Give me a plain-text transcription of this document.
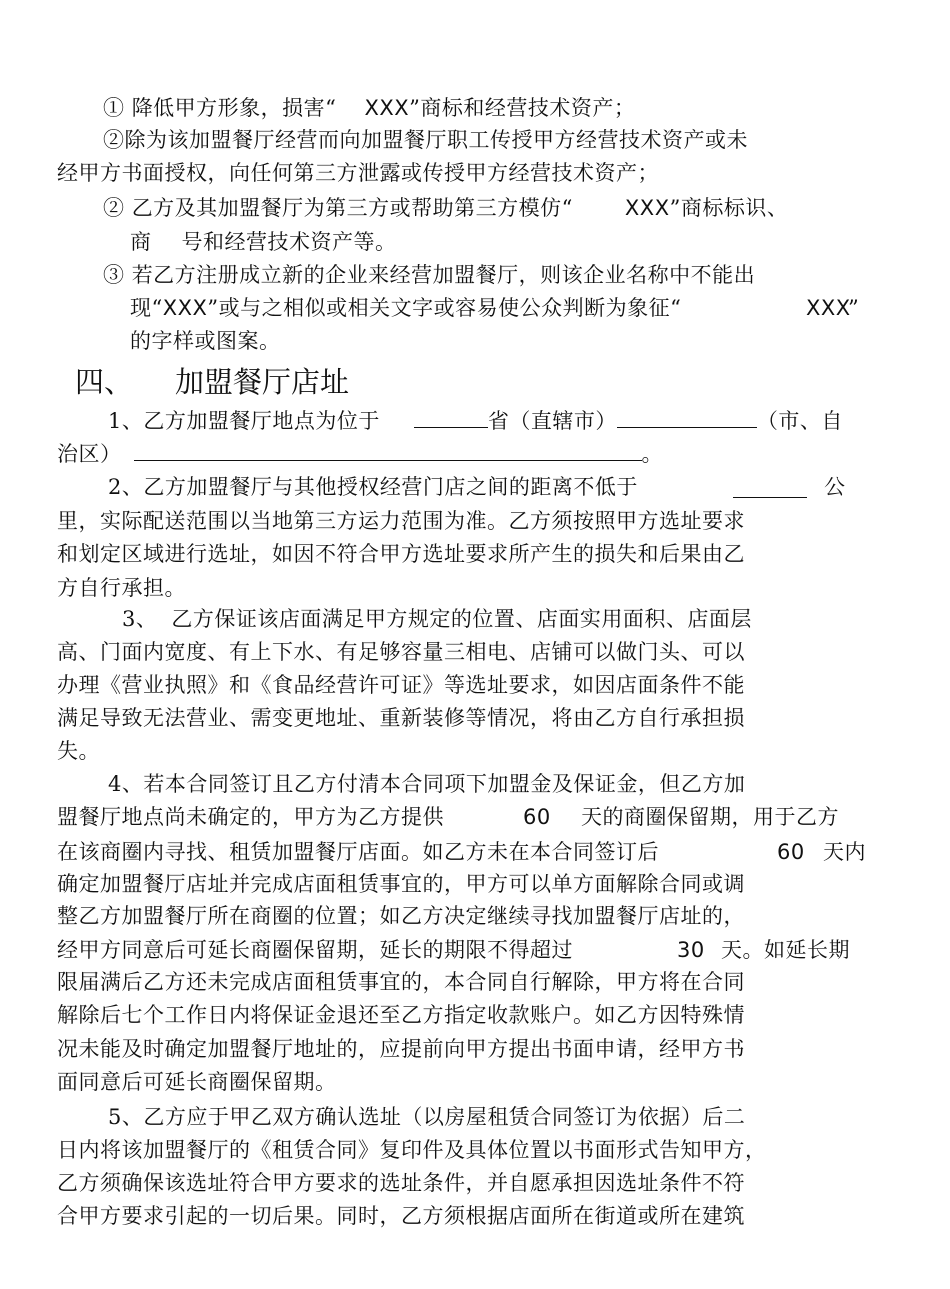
① 降低甲方形象，损害“ XXX”商标和经营技术资产；
②除为该加盟餐厅经营而向加盟餐厅职工传授甲方经营技术资产或未
经甲方书面授权，向任何第三方泄露或传授甲方经营技术资产；
② 乙方及其加盟餐厅为第三方或帮助第三方模仿“ XXX”商标标识、
商 号和经营技术资产等。
③ 若乙方注册成立新的企业来经营加盟餐厅，则该企业名称中不能出
现“XXX”或与之相似或相关文字或容易使公众判断为象征“	XXX
”
的字样或图案。
四、 加盟餐厅店址
1、乙方加盟餐厅地点为位于	省（直辖市）	（市、自
治区）	。
2、乙方加盟餐厅与其他授权经营门店之间的距离不低于	公
里，实际配送范围以当地第三方运力范围为准。乙方须按照甲方选址要求
和划定区域进行选址，如因不符合甲方选址要求所产生的损失和后果由乙
方自行承担。
3、 乙方保证该店面满足甲方规定的位置、店面实用面积、店面层
高、门面内宽度、有上下水、有足够容量三相电、店铺可以做门头、可以
办理《营业执照》和《食品经营许可证》等选址要求，如因店面条件不能
满足导致无法营业、需变更地址、重新装修等情况，将由乙方自行承担损
失。
4、若本合同签订且乙方付清本合同项下加盟金及保证金，但乙方加
盟餐厅地点尚未确定的，甲方为乙方提供	60 天的商圈保留期，用于乙方
在该商圈内寻找、租赁加盟餐厅店面。如乙方未在本合同签订后	60 天内
确定加盟餐厅店址并完成店面租赁事宜的，甲方可以单方面解除合同或调
整乙方加盟餐厅所在商圈的位置；如乙方决定继续寻找加盟餐厅店址的，
经甲方同意后可延长商圈保留期，延长的期限不得超过	30 天。如延长期
限届满后乙方还未完成店面租赁事宜的，本合同自行解除，甲方将在合同
解除后七个工作日内将保证金退还至乙方指定收款账户。如乙方因特殊情
况未能及时确定加盟餐厅地址的，应提前向甲方提出书面申请，经甲方书
面同意后可延长商圈保留期。
5、乙方应于甲乙双方确认选址（以房屋租赁合同签订为依据）后二
日内将该加盟餐厅的《租赁合同》复印件及具体位置以书面形式告知甲方，
乙方须确保该选址符合甲方要求的选址条件，并自愿承担因选址条件不符
合甲方要求引起的一切后果。同时，乙方须根据店面所在街道或所在建筑
